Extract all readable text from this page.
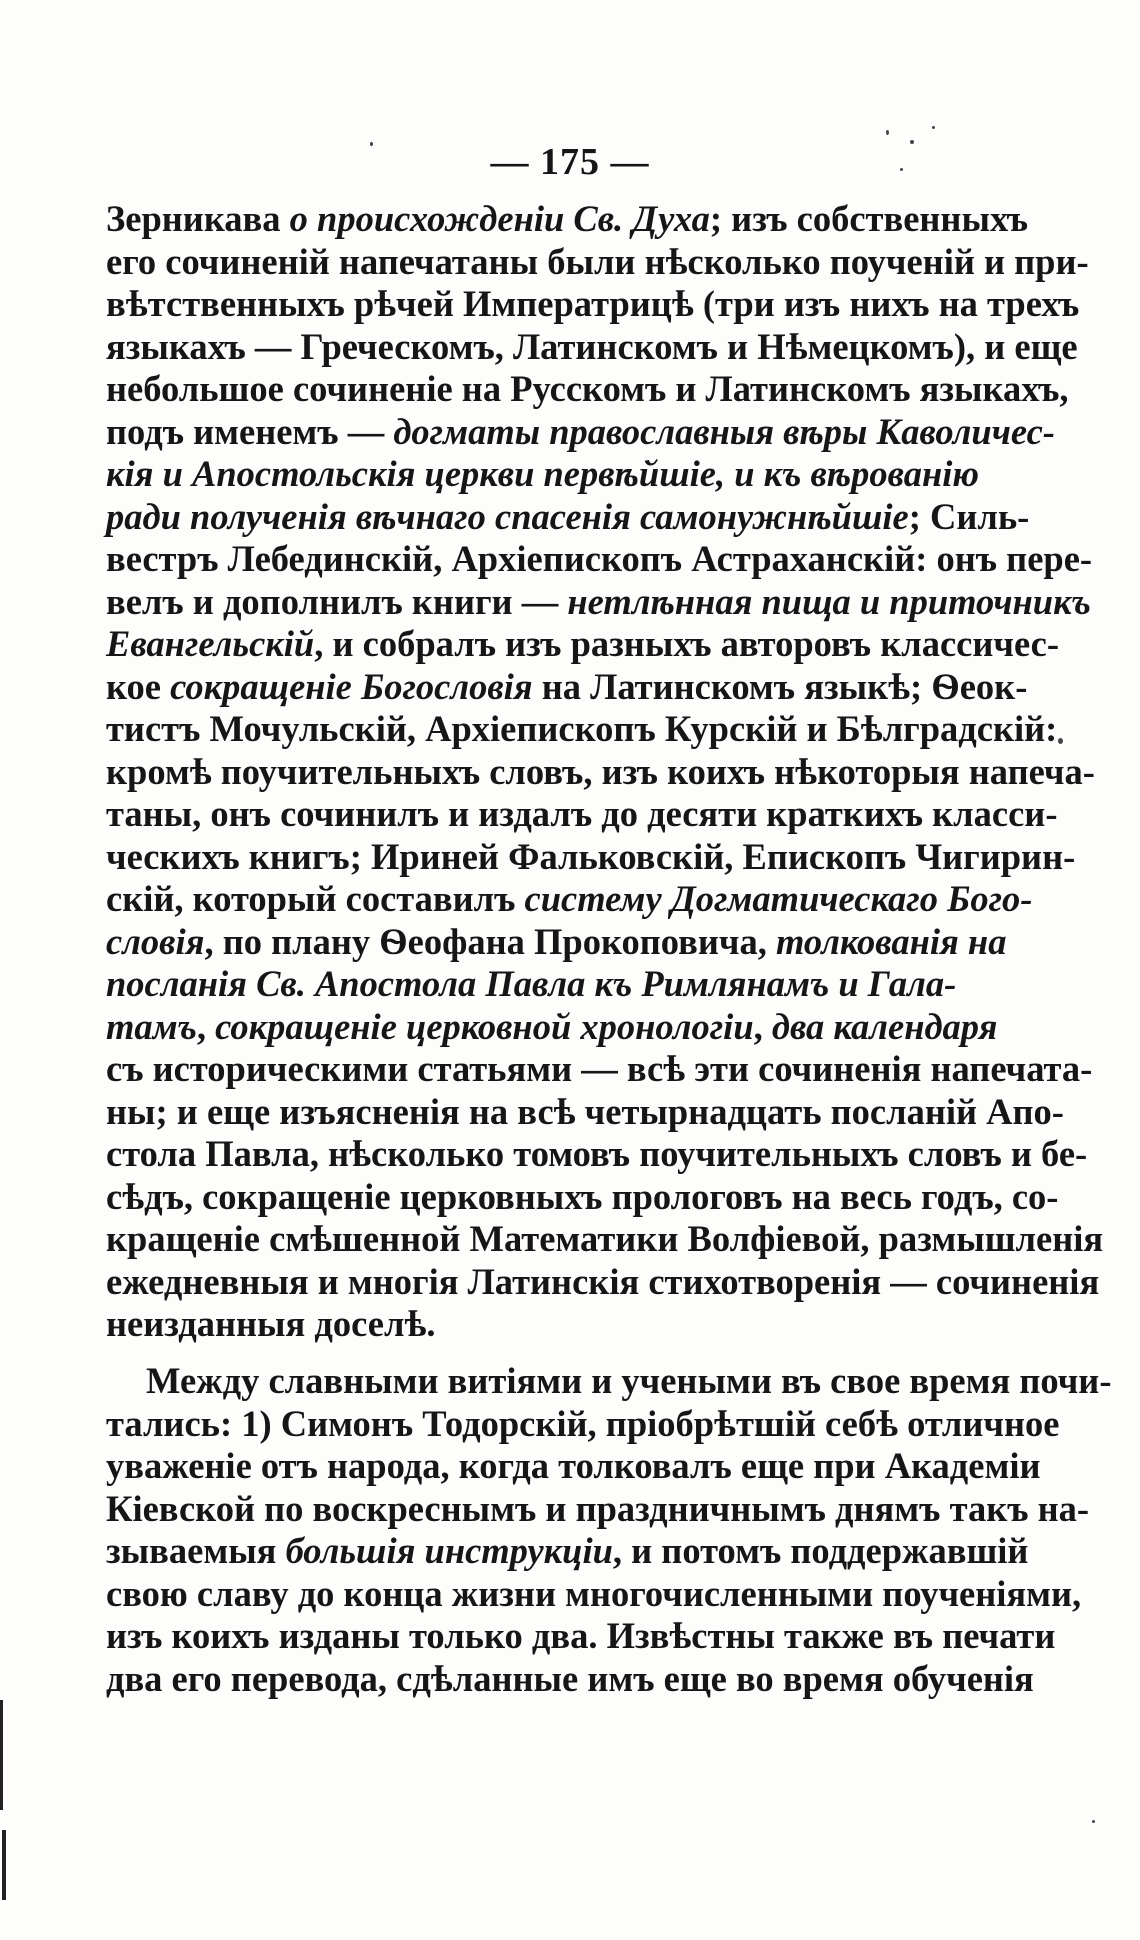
— 175 —
Зерникава о происхожденіи Св. Духа; изъ собственныхъ
его сочиненій напечатаны были нѣсколько поученій и при-
вѣтственныхъ рѣчей Императрицѣ (три изъ нихъ на трехъ
языкахъ — Греческомъ, Латинскомъ и Нѣмецкомъ), и еще
небольшое сочиненіе на Русскомъ и Латинскомъ языкахъ,
подъ именемъ — догматы православныя вѣры Каволичес-
кія и Апостольскія церкви первѣйшіе, и къ вѣрованію
ради полученія вѣчнаго спасенія самонужнѣйшіе; Силь-
вестръ Лебединскій, Архіепископъ Астраханскій: онъ пере-
велъ и дополнилъ книги — нетлѣнная пища и приточникъ
Евангельскій, и собралъ изъ разныхъ авторовъ классичес-
кое сокращеніе Богословія на Латинскомъ языкѣ; Ѳеок-
тистъ Мочульскій, Архіепископъ Курскій и Бѣлградскій:
кромѣ поучительныхъ словъ, изъ коихъ нѣкоторыя напеча-
таны, онъ сочинилъ и издалъ до десяти краткихъ класси-
ческихъ книгъ; Ириней Фальковскій, Епископъ Чигирин-
скій, который составилъ систему Догматическаго Бого-
словія, по плану Ѳеофана Прокоповича, толкованія на
посланія Св. Апостола Павла къ Римлянамъ и Гала-
тамъ, сокращеніе церковной хронологіи, два календаря
съ историческими статьями — всѣ эти сочиненія напечата-
ны; и еще изъясненія на всѣ четырнадцать посланій Апо-
стола Павла, нѣсколько томовъ поучительныхъ словъ и бе-
сѣдъ, сокращеніе церковныхъ прологовъ на весь годъ, со-
кращеніе смѣшенной Математики Волфіевой, размышленія
ежедневныя и многія Латинскія стихотворенія — сочиненія
неизданныя доселѣ.
Между славными витіями и учеными въ свое время почи-
тались: 1) Симонъ Тодорскій, пріобрѣтшій себѣ отличное
уваженіе отъ народа, когда толковалъ еще при Академіи
Кіевской по воскреснымъ и праздничнымъ днямъ такъ на-
зываемыя большія инструкціи, и потомъ поддержавшій
свою славу до конца жизни многочисленными поученіями,
изъ коихъ изданы только два. Извѣстны также въ печати
два его перевода, сдѣланные имъ еще во время обученія
